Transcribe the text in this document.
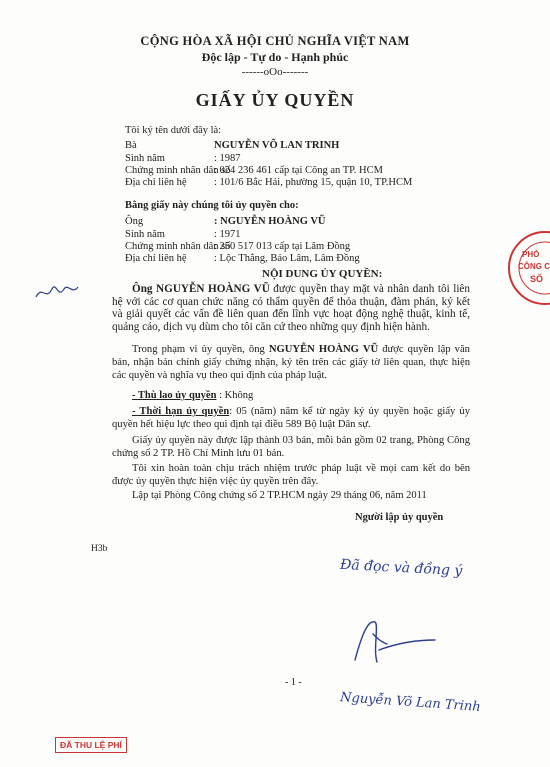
CỘNG HÒA XÃ HỘI CHỦ NGHĨA VIỆT NAM
Độc lập - Tự do - Hạnh phúc
------oOo-------
GIẤY ỦY QUYỀN
Tôi ký tên dưới đây là:
Bà	NGUYỄN VÕ LAN TRINH
Sinh năm	: 1987
Chứng minh nhân dân số
: 024 236 461 cấp tại Công an TP. HCM
Địa chỉ liên hệ	: 101/6 Bắc Hải, phường 15, quận 10, TP.HCM
Bằng giấy này chúng tôi ủy quyền cho:
Ông	: NGUYỄN HOÀNG VŨ
Sinh năm	: 1971
Chứng minh nhân dân số
: 250 517 013 cấp tại Lâm Đồng
Địa chỉ liên hệ	: Lộc Thắng, Bảo Lâm, Lâm Đồng
NỘI DUNG ỦY QUYỀN:
Ông NGUYỄN HOÀNG VŨ được quyền thay mặt và nhân danh tôi liên hệ với các cơ quan chức năng có thẩm quyền để thỏa thuận, đàm phán, ký kết và giải quyết các vấn đề liên quan đến lĩnh vực hoạt động nghệ thuật, kinh tế, quảng cáo, dịch vụ dùm cho tôi căn cứ theo những quy định hiện hành.
Trong phạm vi ủy quyền, ông NGUYỄN HOÀNG VŨ được quyền lập văn bản, nhận bản chính giấy chứng nhận, ký tên trên các giấy tờ liên quan, thực hiện các quyền và nghĩa vụ theo qui định của pháp luật.
- Thù lao ủy quyền : Không
- Thời hạn ủy quyền: 05 (năm) năm kể từ ngày ký ủy quyền hoặc giấy ủy quyền hết hiệu lực theo qui định tại điều 589 Bộ luật Dân sự.
Giấy ủy quyền này được lập thành 03 bản, mỗi bản gồm 02 trang, Phòng Công chứng số 2 TP. Hồ Chí Minh lưu 01 bản.
Tôi xin hoàn toàn chịu trách nhiệm trước pháp luật về mọi cam kết do bên được ủy quyền thực hiện việc ủy quyền trên đây.
Lập tại Phòng Công chứng số 2 TP.HCM ngày 29 tháng 06, năm 2011
Người lập ủy quyền
H3b
Đã đọc và đồng ý
- 1 -
Nguyễn Võ Lan Trinh
ĐÃ THU LỆ PHÍ
PHÒ
CÔNG C
SỐ
